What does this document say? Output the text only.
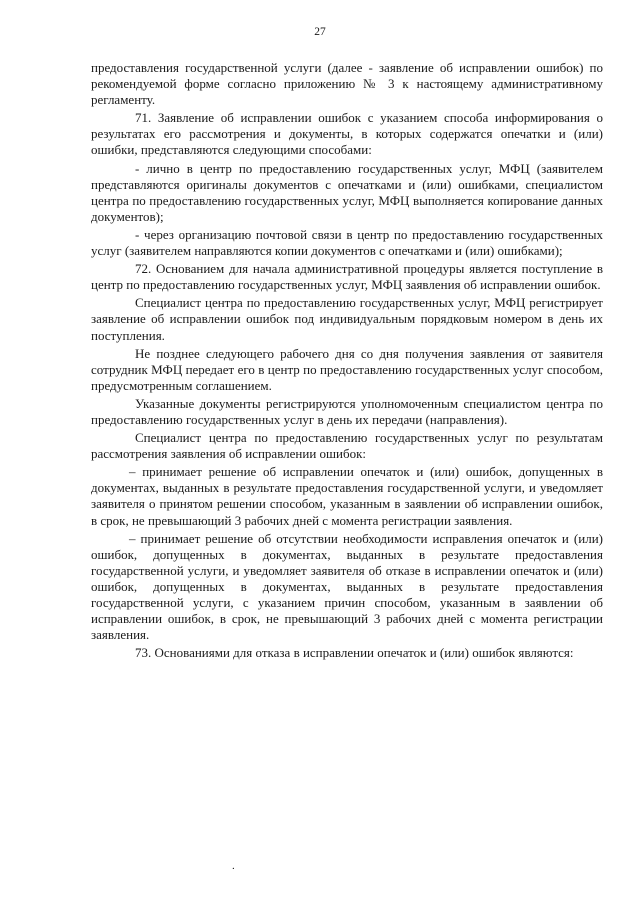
27

предоставления государственной услуги (далее - заявление об исправлении ошибок) по рекомендуемой форме согласно приложению № 3 к настоящему административному регламенту.

71. Заявление об исправлении ошибок с указанием способа информирования о результатах его рассмотрения и документы, в которых содержатся опечатки и (или) ошибки, представляются следующими способами:

- лично в центр по предоставлению государственных услуг, МФЦ (заявителем представляются оригиналы документов с опечатками и (или) ошибками, специалистом центра по предоставлению государственных услуг, МФЦ выполняется копирование данных документов);

- через организацию почтовой связи в центр по предоставлению государственных услуг (заявителем направляются копии документов с опечатками и (или) ошибками);

72. Основанием для начала административной процедуры является поступление в центр по предоставлению государственных услуг, МФЦ заявления об исправлении ошибок.

Специалист центра по предоставлению государственных услуг, МФЦ регистрирует заявление об исправлении ошибок под индивидуальным порядковым номером в день их поступления.

Не позднее следующего рабочего дня со дня получения заявления от заявителя сотрудник МФЦ передает его в центр по предоставлению государственных услуг способом, предусмотренным соглашением.

Указанные документы регистрируются уполномоченным специалистом центра по предоставлению государственных услуг в день их передачи (направления).

Специалист центра по предоставлению государственных услуг по результатам рассмотрения заявления об исправлении ошибок:

– принимает решение об исправлении опечаток и (или) ошибок, допущенных в документах, выданных в результате предоставления государственной услуги, и уведомляет заявителя о принятом решении способом, указанным в заявлении об исправлении ошибок, в срок, не превышающий 3 рабочих дней с момента регистрации заявления.

– принимает решение об отсутствии необходимости исправления опечаток и (или) ошибок, допущенных в документах, выданных в результате предоставления государственной услуги, и уведомляет заявителя об отказе в исправлении опечаток и (или) ошибок, допущенных в документах, выданных в результате предоставления государственной услуги, с указанием причин способом, указанным в заявлении об исправлении ошибок, в срок, не превышающий 3 рабочих дней с момента регистрации заявления.

73. Основаниями для отказа в исправлении опечаток и (или) ошибок являются:

.
